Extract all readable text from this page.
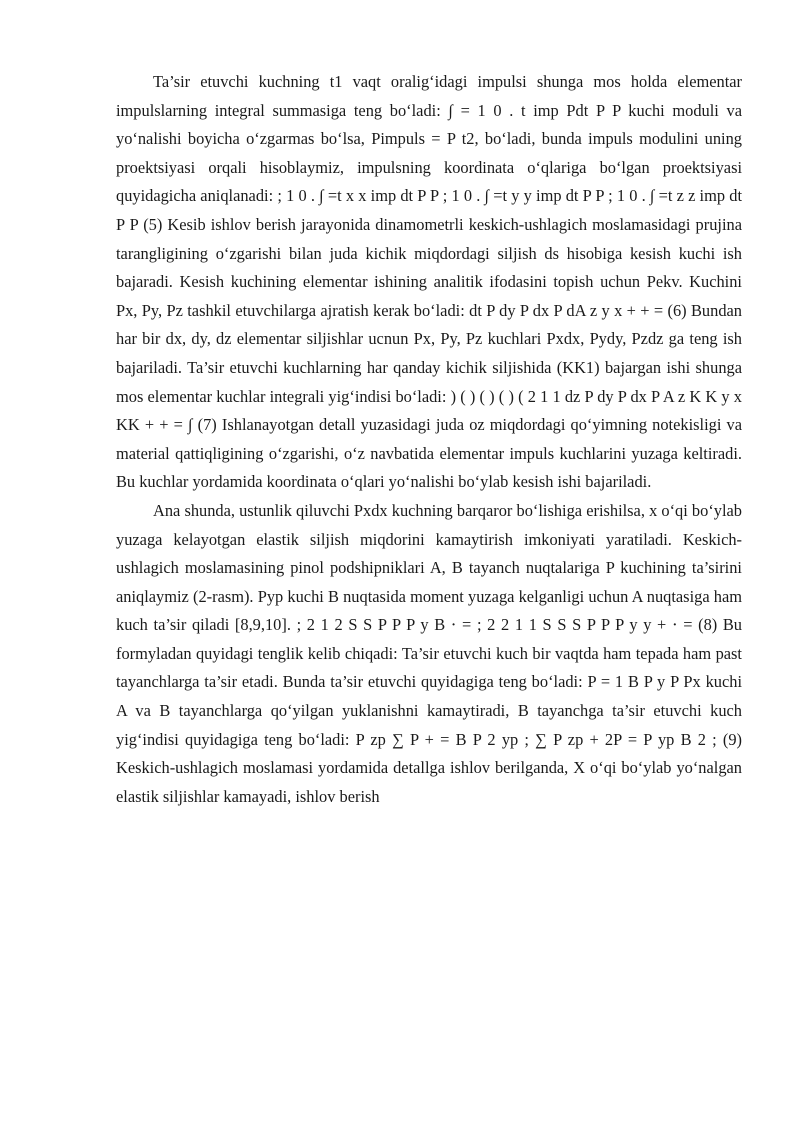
Ta’sir etuvchi kuchning t1 vaqt oralig‘idagi impulsi shunga mos holda elementar impulslarning integral summasiga teng bo‘ladi: ∫ = 1 0 . t imp Pdt P P kuchi moduli va yo‘nalishi boyicha o‘zgarmas bo‘lsa, Pimpuls = P t2, bo‘ladi, bunda impuls modulini uning proektsiyasi orqali hisoblaymiz, impulsning koordinata o‘qlariga bo‘lgan proektsiyasi quyidagicha aniqlanadi: ; 1 0 . ∫ =t x x imp dt P P ; 1 0 . ∫ =t y y imp dt P P ; 1 0 . ∫ =t z z imp dt P P (5) Kesib ishlov berish jarayonida dinamometrli keskich-ushlagich moslamasidagi prujina tarangligining o‘zgarishi bilan juda kichik miqdordagi siljish ds hisobiga kesish kuchi ish bajaradi. Kesish kuchining elementar ishining analitik ifodasini topish uchun Pekv. Kuchini Px, Py, Pz tashkil etuvchilarga ajratish kerak bo‘ladi: dt P dy P dx P dA z y x + + = (6) Bundan har bir dx, dy, dz elementar siljishlar ucnun Px, Py, Pz kuchlari Pxdx, Pydy, Pzdz ga teng ish bajariladi. Ta’sir etuvchi kuchlarning har qanday kichik siljishida (KK1) bajargan ishi shunga mos elementar kuchlar integrali yig‘indisi bo‘ladi: ) ( ) ( ) ( ) ( 2 1 1 dz P dy P dx P A z K K y x KK + + = ∫ (7) Ishlanayotgan detall yuzasidagi juda oz miqdordagi qo‘yimning notekisligi va material qattiqligining o‘zgarishi, o‘z navbatida elementar impuls kuchlarini yuzaga keltiradi. Bu kuchlar yordamida koordinata o‘qlari yo‘nalishi bo‘ylab kesish ishi bajariladi.

Ana shunda, ustunlik qiluvchi Pxdx kuchning barqaror bo‘lishiga erishilsa, x o‘qi bo‘ylab yuzaga kelayotgan elastik siljish miqdorini kamaytirish imkoniyati yaratiladi. Keskich-ushlagich moslamasining pinol podshipniklari A, B tayanch nuqtalariga P kuchining ta’sirini aniqlaymiz (2-rasm). Pyp kuchi B nuqtasida moment yuzaga kelganligi uchun A nuqtasiga ham kuch ta’sir qiladi [8,9,10]. ; 2 1 2 S S P P P y B ⋅ = ; 2 2 1 1 S S S P P P y y + ⋅ = (8) Bu formyladan quyidagi tenglik kelib chiqadi: Ta’sir etuvchi kuch bir vaqtda ham tepada ham past tayanchlarga ta’sir etadi. Bunda ta’sir etuvchi quyidagiga teng bo‘ladi: P = 1 B P y P Px kuchi A va B tayanchlarga qo‘yilgan yuklanishni kamaytiradi, B tayanchga ta’sir etuvchi kuch yig‘indisi quyidagiga teng bo‘ladi: P zp ∑ P + = B P 2 yp ; ∑ P zp + 2P = P yp B 2 ; (9) Keskich-ushlagich moslamasi yordamida detallga ishlov berilganda, X o‘qi bo‘ylab yo‘nalgan elastik siljishlar kamayadi, ishlov berish
